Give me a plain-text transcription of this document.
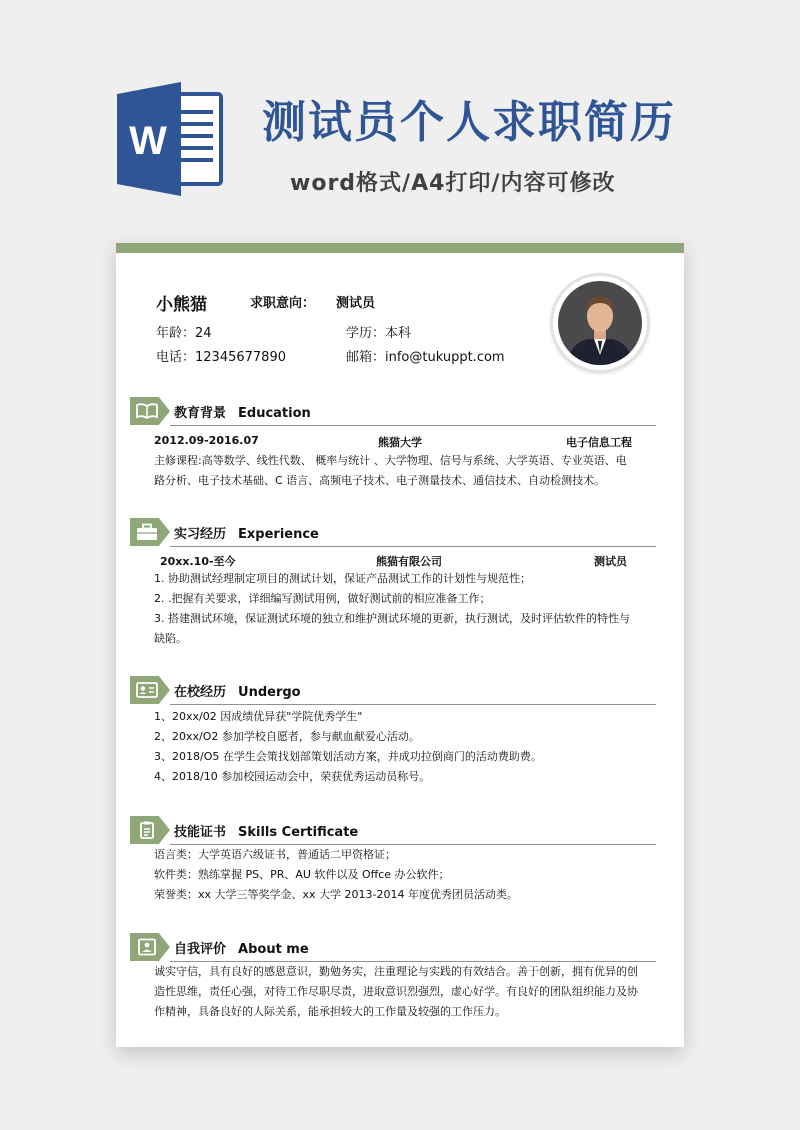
W 测试员个人求职简历
word格式/A4打印/内容可修改
小熊猫	求职意向： 测试员
年龄：24	学历：本科
电话：12345677890	邮箱：info@tukuppt.com
教育背景 Education
2012.09-2016.07	熊猫大学	电子信息工程

主修课程:高等数学、线性代数、 概率与统计 、大学物理、信号与系统、大学英语、专业英语、电

路分析、电子技术基础、C 语言、高频电子技术、电子测量技术、通信技术、自动检测技术。

实习经历 Experience
20xx.10-至今	熊猫有限公司	测试员

1. 协助测试经理制定项目的测试计划，保证产品测试工作的计划性与规范性；

2. .把握有关要求，详细编写测试用例，做好测试前的相应准备工作；

3. 搭建测试环境，保证测试环境的独立和维护测试环境的更新，执行测试，及时评估软件的特性与

缺陷。

在校经历 Undergo

1、20xx/02 因成绩优异获"学院优秀学生"

2、20xx/O2 参加学校自愿者，参与献血献爱心活动。

3、2018/O5 在学生会策找划部策划活动方案，并成功拉倒商门的活动费助费。

4、2018/10 参加校园运动会中，荣获优秀运动员称号。

技能证书 Skills Certificate

语言类：大学英语六级证书，普通话二甲资格证；

软件类：熟练掌握 PS、PR、AU 软件以及 Offce 办公软件；

荣誉类：xx 大学三等奖学金、xx 大学 2013-2014 年度优秀团员活动类。

自我评价 About me

诚实守信，具有良好的感恩意识，勤勉务实，注重理论与实践的有效结合。善于创新，拥有优异的创

造性思维，责任心强，对待工作尽职尽责，进取意识烈强烈，虚心好学。有良好的团队组织能力及协

作精神，具备良好的人际关系，能承担较大的工作量及较强的工作压力。
